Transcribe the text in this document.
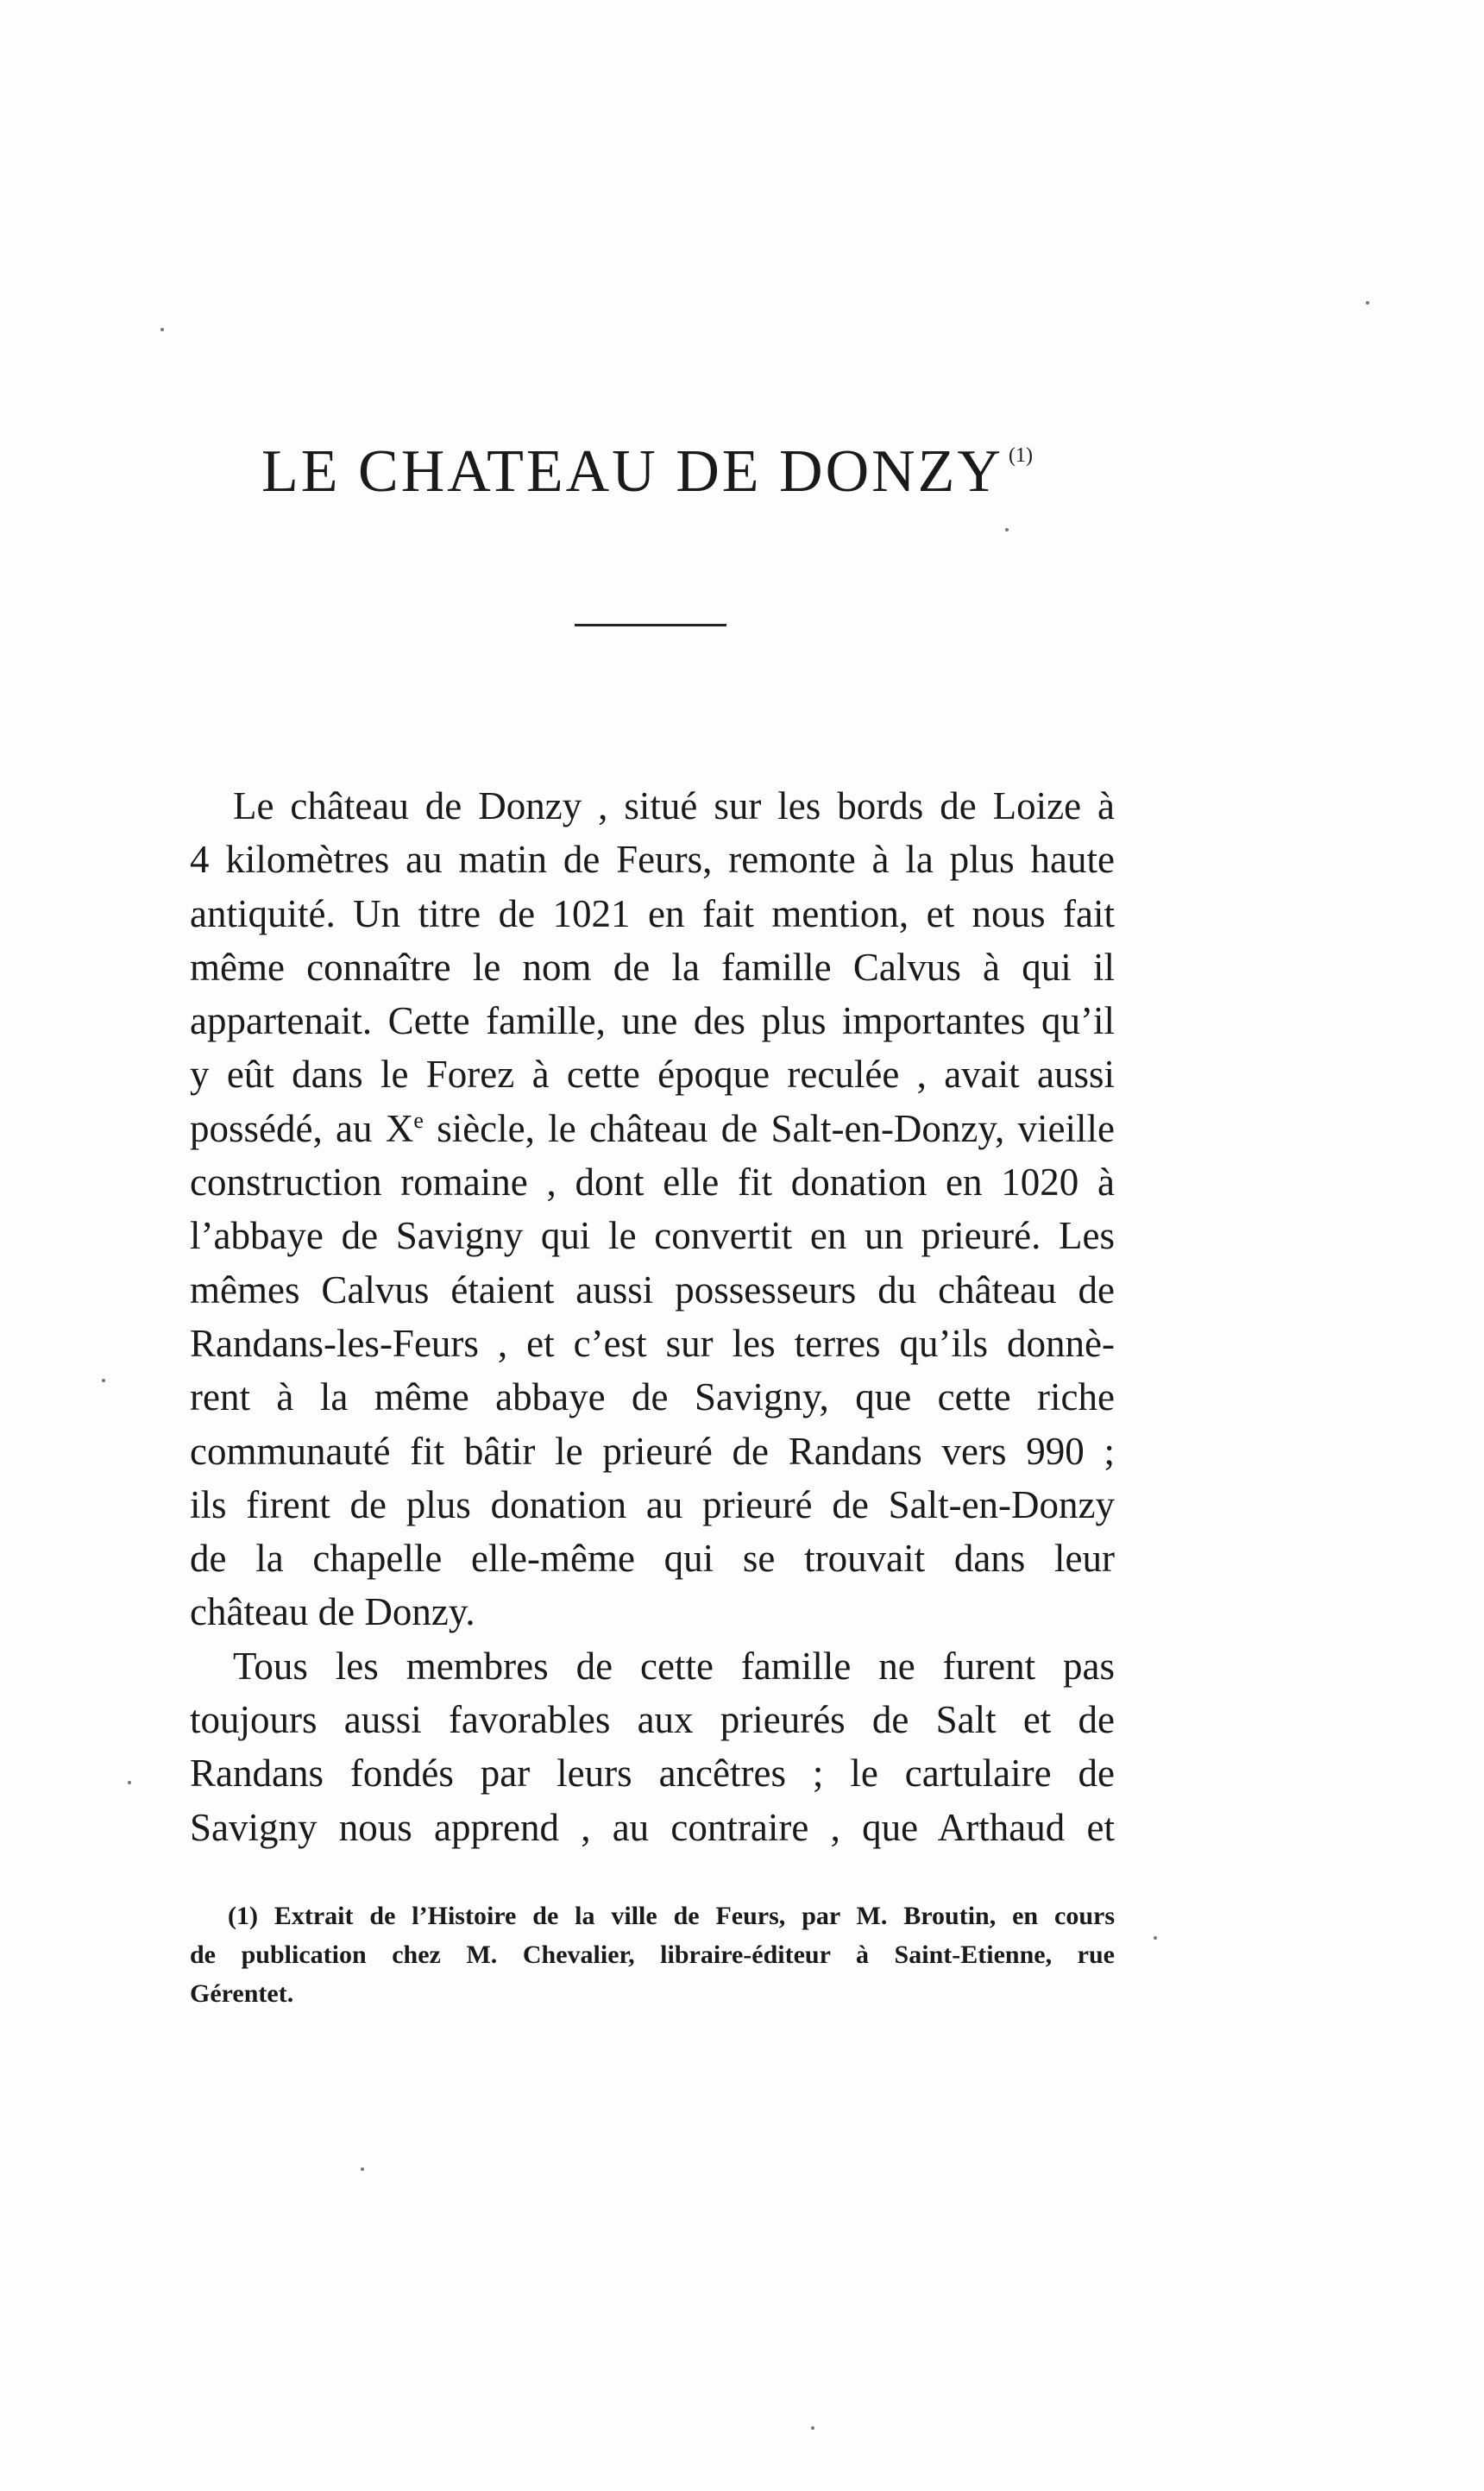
LE CHATEAU DE DONZY $^{(1)}$
Le château de Donzy , situé sur les bords de Loize à
4 kilomètres au matin de Feurs, remonte à la plus haute
antiquité. Un titre de 1021 en fait mention, et nous fait
même connaître le nom de la famille Calvus à qui il
appartenait. Cette famille, une des plus importantes qu’il
y eût dans le Forez à cette époque reculée , avait aussi
possédé, au Xe siècle, le château de Salt-en-Donzy, vieille
construction romaine , dont elle fit donation en 1020 à
l’abbaye de Savigny qui le convertit en un prieuré. Les
mêmes Calvus étaient aussi possesseurs du château de
Randans-les-Feurs , et c’est sur les terres qu’ils donnè-
rent à la même abbaye de Savigny, que cette riche
communauté fit bâtir le prieuré de Randans vers 990 ;
ils firent de plus donation au prieuré de Salt-en-Donzy
de la chapelle elle-même qui se trouvait dans leur
château de Donzy.
Tous les membres de cette famille ne furent pas
toujours aussi favorables aux prieurés de Salt et de
Randans fondés par leurs ancêtres ; le cartulaire de
Savigny nous apprend , au contraire , que Arthaud et
(1) Extrait de l’Histoire de la ville de Feurs, par M. Broutin, en cours
de publication chez M. Chevalier, libraire-éditeur à Saint-Etienne, rue
Gérentet.
